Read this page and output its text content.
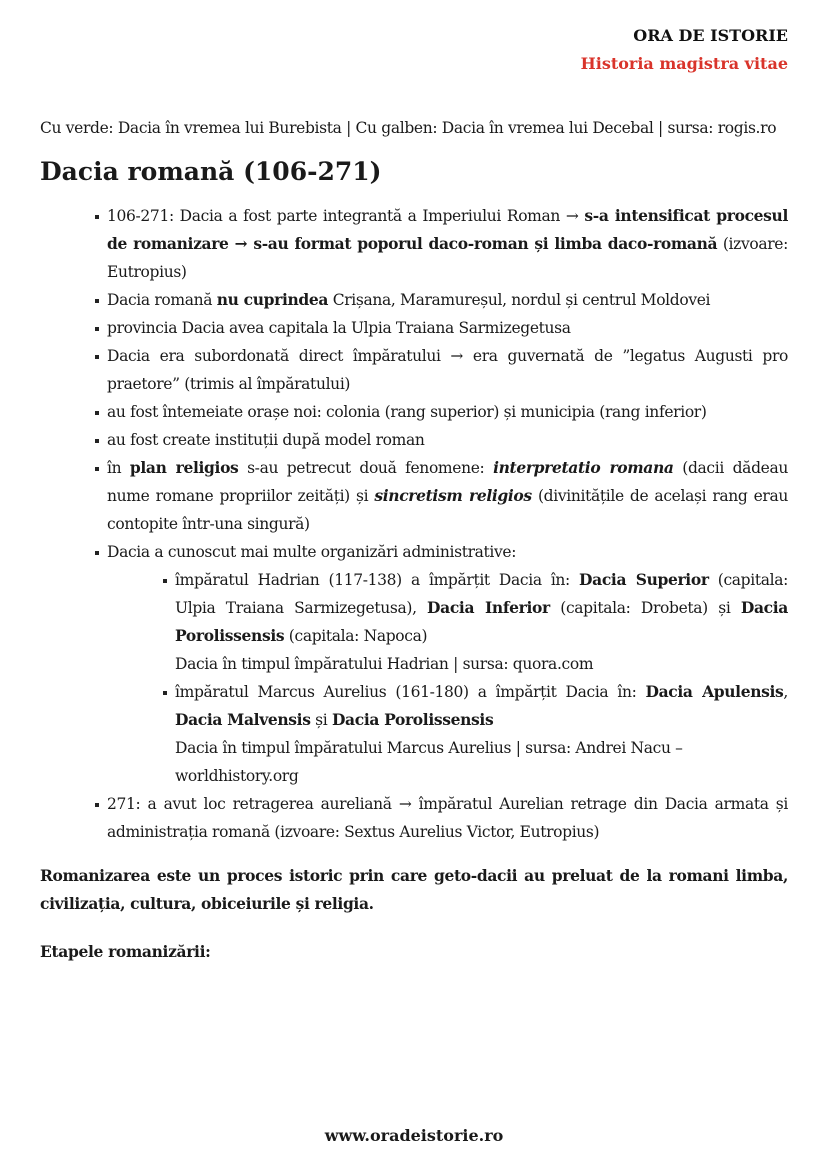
ORA DE ISTORIE
Historia magistra vitae

Cu verde: Dacia în vremea lui Burebista | Cu galben: Dacia în vremea lui Decebal | sursa: rogis.ro

Dacia romană (106-271)
106-271: Dacia a fost parte integrantă a Imperiului Roman → s-a intensificat procesul de romanizare → s-au format poporul daco-roman și limba daco-romană (izvoare: Eutropius)
Dacia romană nu cuprindea Crișana, Maramureșul, nordul și centrul Moldovei
provincia Dacia avea capitala la Ulpia Traiana Sarmizegetusa
Dacia era subordonată direct împăratului → era guvernată de ”legatus Augusti pro praetore” (trimis al împăratului)
au fost întemeiate orașe noi: colonia (rang superior) și municipia (rang inferior)
au fost create instituții după model roman
în plan religios s-au petrecut două fenomene: interpretatio romana (dacii dădeau nume romane propriilor zeități) și sincretism religios (divinitățile de același rang erau contopite într-una singură)
Dacia a cunoscut mai multe organizări administrative:
împăratul Hadrian (117-138) a împărțit Dacia în: Dacia Superior (capitala: Ulpia Traiana Sarmizegetusa), Dacia Inferior (capitala: Drobeta) și Dacia Porolissensis (capitala: Napoca)
Dacia în timpul împăratului Hadrian | sursa: quora.com
împăratul Marcus Aurelius (161-180) a împărțit Dacia în: Dacia Apulensis, Dacia Malvensis și Dacia Porolissensis
Dacia în timpul împăratului Marcus Aurelius | sursa: Andrei Nacu – worldhistory.org
271: a avut loc retragerea aureliană → împăratul Aurelian retrage din Dacia armata și administrația romană (izvoare: Sextus Aurelius Victor, Eutropius)

Romanizarea este un proces istoric prin care geto-dacii au preluat de la romani limba, civilizația, cultura, obiceiurile și religia.

Etapele romanizării:

www.oradeistorie.ro
